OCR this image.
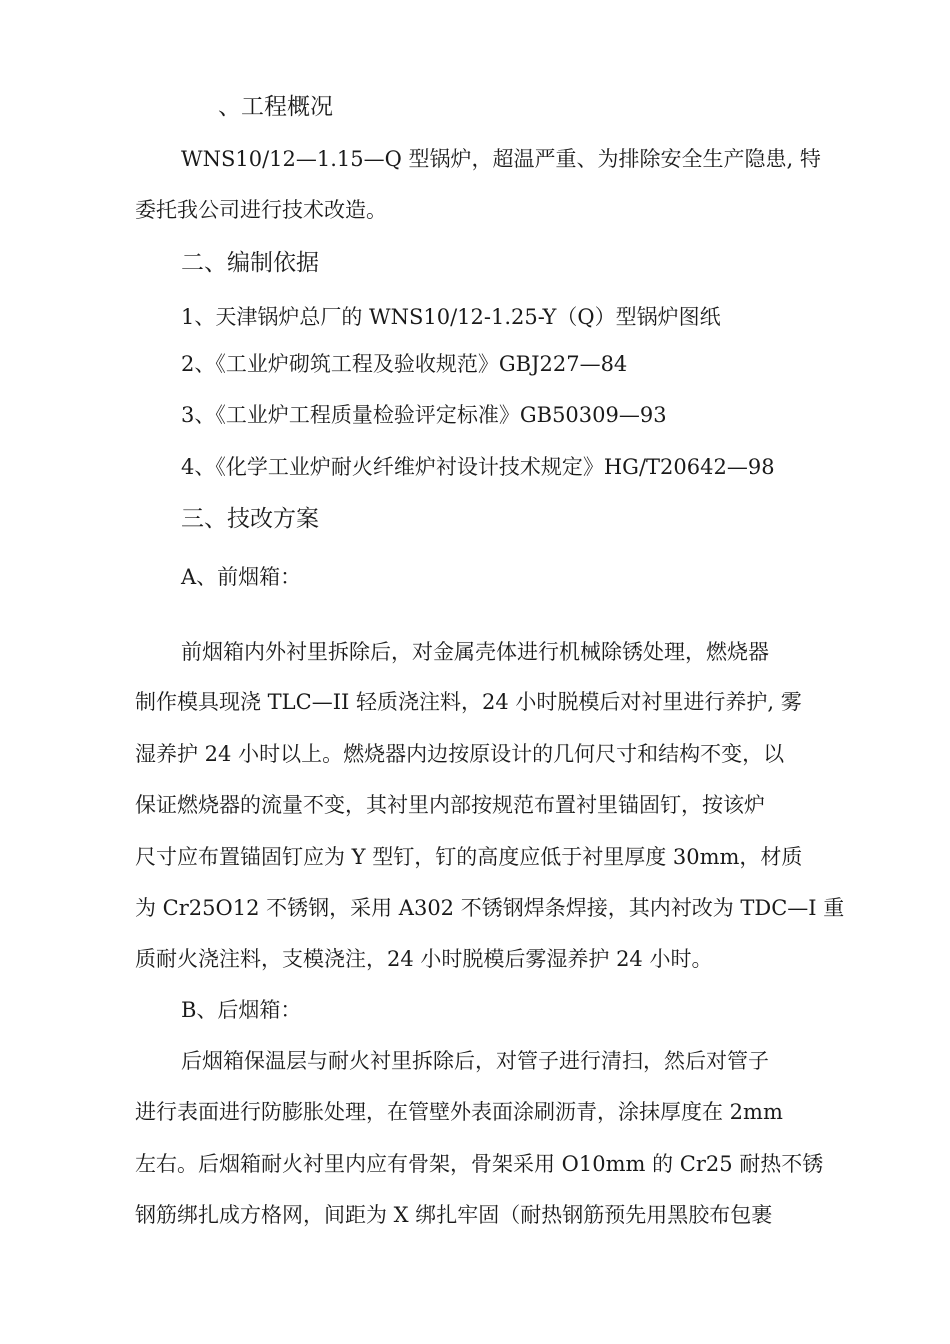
、工程概况
WNS10/12—1.15—Q 型锅炉，超温严重、为排除安全生产隐患, 特
委托我公司进行技术改造。
二、编制依据
1、天津锅炉总厂的 WNS10/12-1.25-Y（Q）型锅炉图纸
2、《工业炉砌筑工程及验收规范》GBJ227—84
3、《工业炉工程质量检验评定标准》GB50309—93
4、《化学工业炉耐火纤维炉衬设计技术规定》HG/T20642—98
三、技改方案
A、前烟箱：
前烟箱内外衬里拆除后，对金属壳体进行机械除锈处理，燃烧器
制作模具现浇 TLC—II 轻质浇注料，24 小时脱模后对衬里进行养护, 雾
湿养护 24 小时以上。燃烧器内边按原设计的几何尺寸和结构不变，以
保证燃烧器的流量不变，其衬里内部按规范布置衬里锚固钉，按该炉
尺寸应布置锚固钉应为 Y 型钉，钉的高度应低于衬里厚度 30mm，材质
为 Cr25O12 不锈钢，采用 A302 不锈钢焊条焊接，其内衬改为 TDC—I 重
质耐火浇注料，支模浇注，24 小时脱模后雾湿养护 24 小时。
B、后烟箱：
后烟箱保温层与耐火衬里拆除后，对管子进行清扫，然后对管子
进行表面进行防膨胀处理，在管壁外表面涂刷沥青，涂抹厚度在 2mm
左右。后烟箱耐火衬里内应有骨架，骨架采用 O10mm 的 Cr25 耐热不锈
钢筋绑扎成方格网，间距为 X 绑扎牢固（耐热钢筋预先用黑胶布包裹
